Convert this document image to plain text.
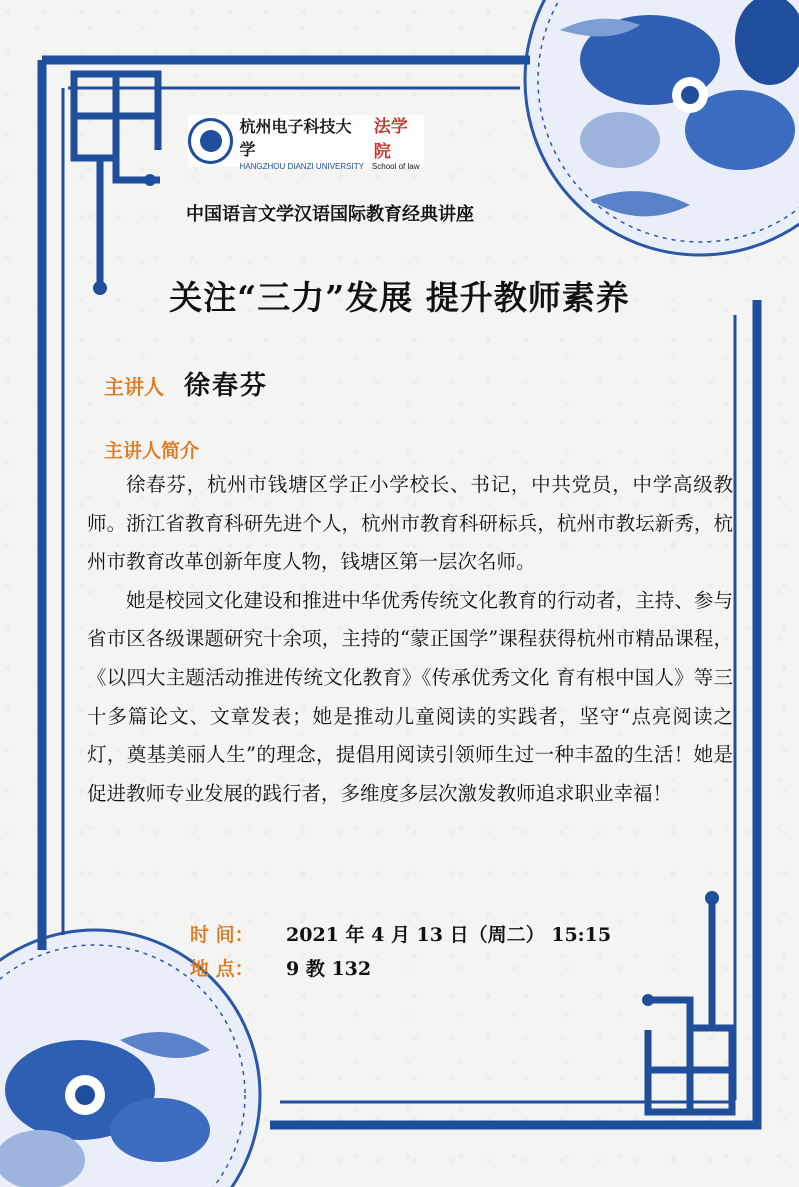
杭州电子科技大学
法学院
HANGZHOU DIANZI UNIVERSITY School of law
中国语言文学汉语国际教育经典讲座
关注“三力”发展 提升教师素养
主讲人 徐春芬
主讲人简介

徐春芬，杭州市钱塘区学正小学校长、书记，中共党员，中学高级教师。浙江省教育科研先进个人，杭州市教育科研标兵，杭州市教坛新秀，杭州市教育改革创新年度人物，钱塘区第一层次名师。

她是校园文化建设和推进中华优秀传统文化教育的行动者，主持、参与省市区各级课题研究十余项，主持的“蒙正国学”课程获得杭州市精品课程，《以四大主题活动推进传统文化教育》《传承优秀文化 育有根中国人》等三十多篇论文、文章发表；她是推动儿童阅读的实践者，坚守“点亮阅读之灯，奠基美丽人生”的理念，提倡用阅读引领师生过一种丰盈的生活！她是促进教师专业发展的践行者，多维度多层次激发教师追求职业幸福！

时 间：	2021 年 4 月 13 日（周二） 15:15
地 点：	9 教 132
